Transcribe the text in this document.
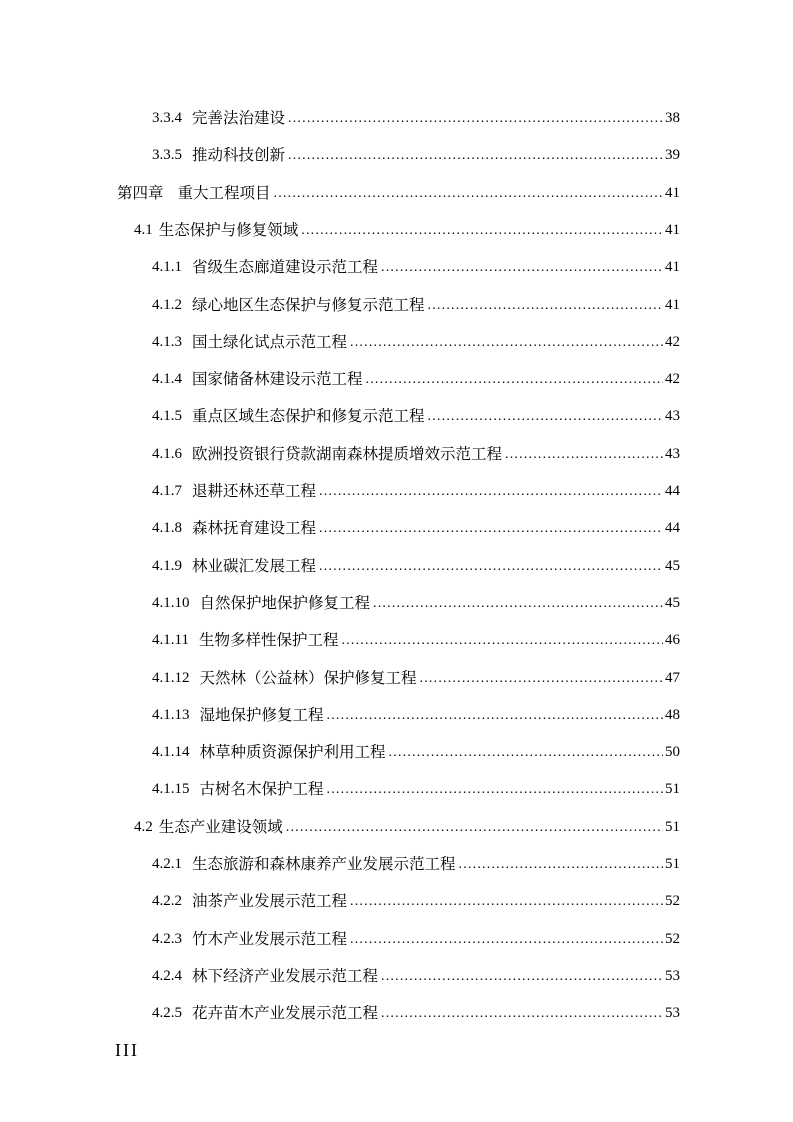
3.3.4 完善法治建设 .....	38
3.3.5 推动科技创新 .....	39
第四章 重大工程项目 .....	41
4.1 生态保护与修复领域 .....	41
4.1.1 省级生态廊道建设示范工程 .....	41
4.1.2 绿心地区生态保护与修复示范工程 .....	41
4.1.3 国土绿化试点示范工程 .....	42
4.1.4 国家储备林建设示范工程 .....	42
4.1.5 重点区域生态保护和修复示范工程 .....	43
4.1.6 欧洲投资银行贷款湖南森林提质增效示范工程 .....	43
4.1.7 退耕还林还草工程 .....	44
4.1.8 森林抚育建设工程 .....	44
4.1.9 林业碳汇发展工程 .....	45
4.1.10 自然保护地保护修复工程 .....	45
4.1.11 生物多样性保护工程 .....	46
4.1.12 天然林（公益林）保护修复工程 .....	47
4.1.13 湿地保护修复工程 .....	48
4.1.14 林草种质资源保护利用工程 .....	50
4.1.15 古树名木保护工程 .....	51
4.2 生态产业建设领域 .....	51
4.2.1 生态旅游和森林康养产业发展示范工程 .....	51
4.2.2 油茶产业发展示范工程 .....	52
4.2.3 竹木产业发展示范工程 .....	52
4.2.4 林下经济产业发展示范工程 .....	53
4.2.5 花卉苗木产业发展示范工程 .....	53
III
